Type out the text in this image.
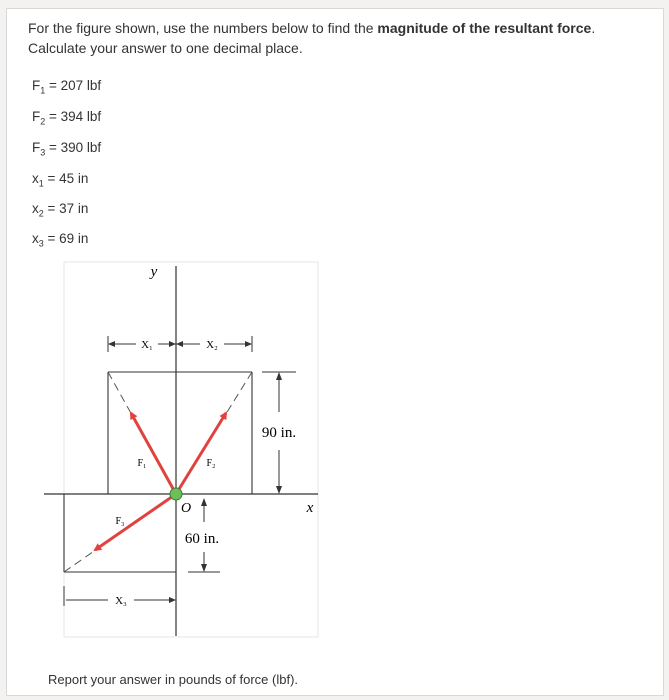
For the figure shown, use the numbers below to find the magnitude of the resultant force. Calculate your answer to one decimal place.
$F_1 = 207$ lbf
$F_2 = 394$ lbf
$F_3 = 390$ lbf
$x_1 = 45$ in
$x_2 = 37$ in
$x_3 = 69$ in
y
x
O
X₁	X₂
X₃
F₁	F₂
F₃
90 in.
60 in.
Report your answer in pounds of force (lbf).
